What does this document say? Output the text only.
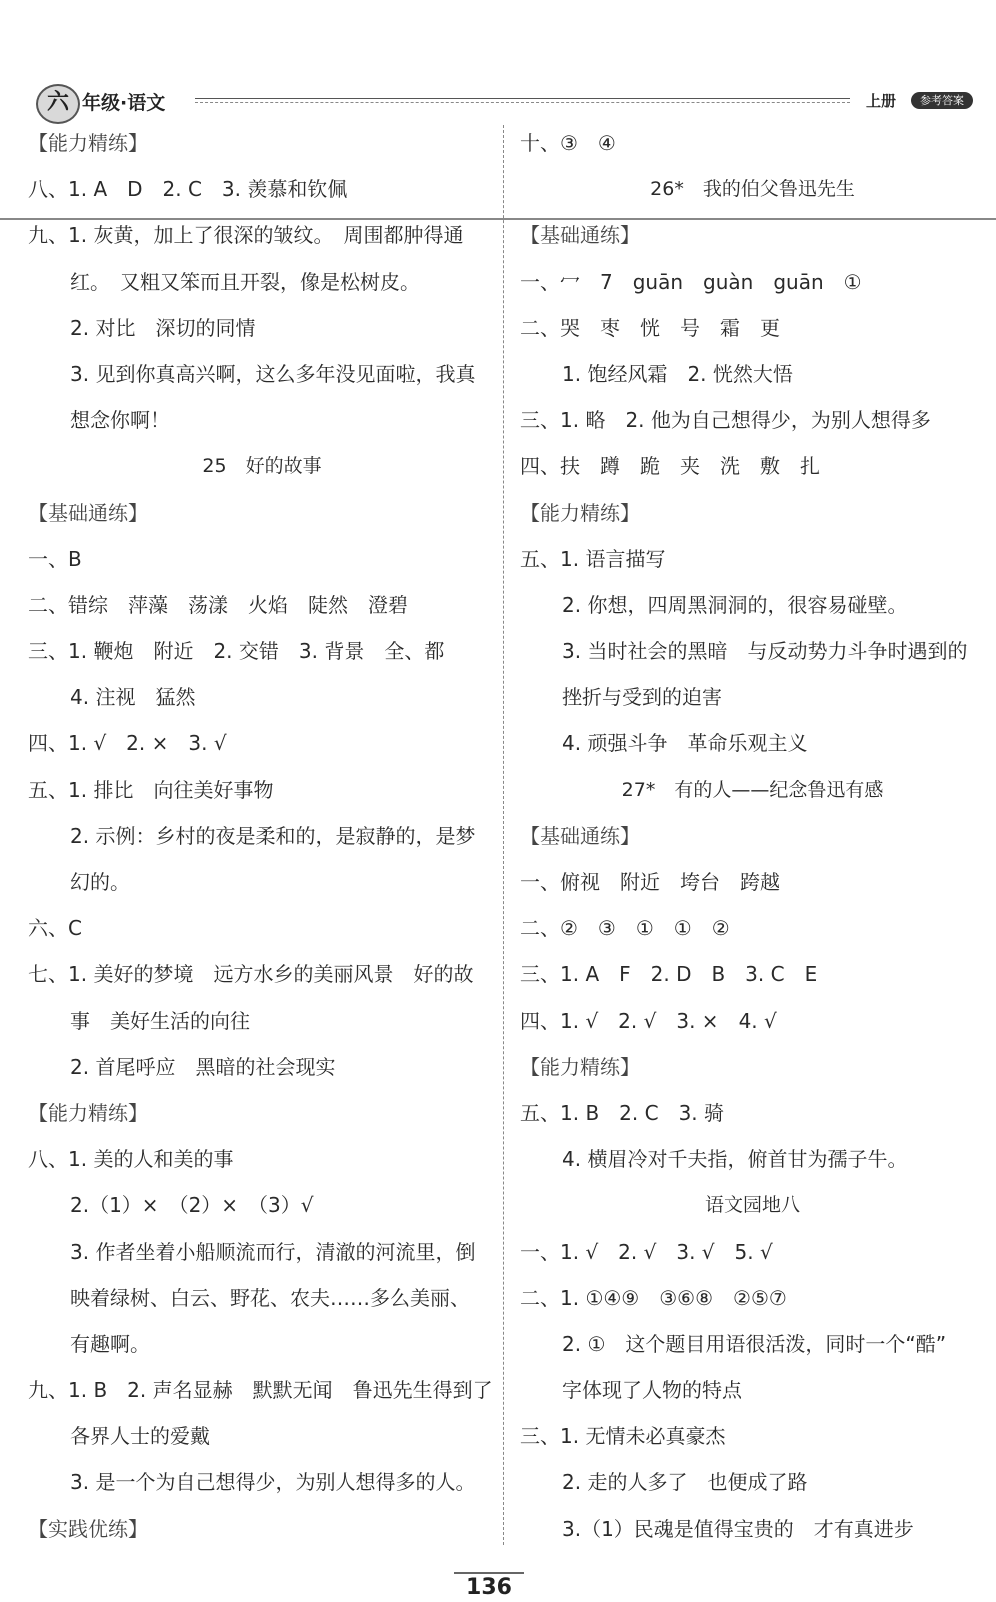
六 年级·语文	上册	参考答案
【能力精练】
八、1. A　D　2. C　3. 羡慕和钦佩
九、1. 灰黄，加上了很深的皱纹。　周围都肿得通
红。　又粗又笨而且开裂，像是松树皮。
2. 对比　深切的同情
3. 见到你真高兴啊，这么多年没见面啦，我真
想念你啊！
25　好的故事
【基础通练】
一、B
二、错综　萍藻　荡漾　火焰　陡然　澄碧
三、1. 鞭炮　附近　2. 交错　3. 背景　全、都
4. 注视　猛然
四、1. √　2. ×　3. √
五、1. 排比　向往美好事物
2. 示例：乡村的夜是柔和的，是寂静的，是梦
幻的。
六、C
七、1. 美好的梦境　远方水乡的美丽风景　好的故
事　美好生活的向往
2. 首尾呼应　黑暗的社会现实
【能力精练】
八、1. 美的人和美的事
2.（1）×　（2）×　（3）√
3. 作者坐着小船顺流而行，清澈的河流里，倒
映着绿树、白云、野花、农夫……多么美丽、
有趣啊。
九、1. B　2. 声名显赫　默默无闻　鲁迅先生得到了
各界人士的爱戴
3. 是一个为自己想得少，为别人想得多的人。
【实践优练】
十、③　④
26*　我的伯父鲁迅先生
【基础通练】
一、冖　7　guān　guàn　guān　①
二、哭　枣　恍　号　霜　更
1. 饱经风霜　2. 恍然大悟
三、1. 略　2. 他为自己想得少，为别人想得多
四、扶　蹲　跪　夹　洗　敷　扎
【能力精练】
五、1. 语言描写
2. 你想，四周黑洞洞的，很容易碰壁。
3. 当时社会的黑暗　与反动势力斗争时遇到的
挫折与受到的迫害
4. 顽强斗争　革命乐观主义
27*　有的人——纪念鲁迅有感
【基础通练】
一、俯视　附近　垮台　跨越
二、②　③　①　①　②
三、1. A　F　2. D　B　3. C　E
四、1. √　2. √　3. ×　4. √
【能力精练】
五、1. B　2. C　3. 骑
4. 横眉冷对千夫指，俯首甘为孺子牛。
语文园地八
一、1. √　2. √　3. √　5. √
二、1. ①④⑨　③⑥⑧　②⑤⑦
2. ①　这个题目用语很活泼，同时一个“酷”
字体现了人物的特点
三、1. 无情未必真豪杰
2. 走的人多了　也便成了路
3.（1）民魂是值得宝贵的　才有真进步
136
